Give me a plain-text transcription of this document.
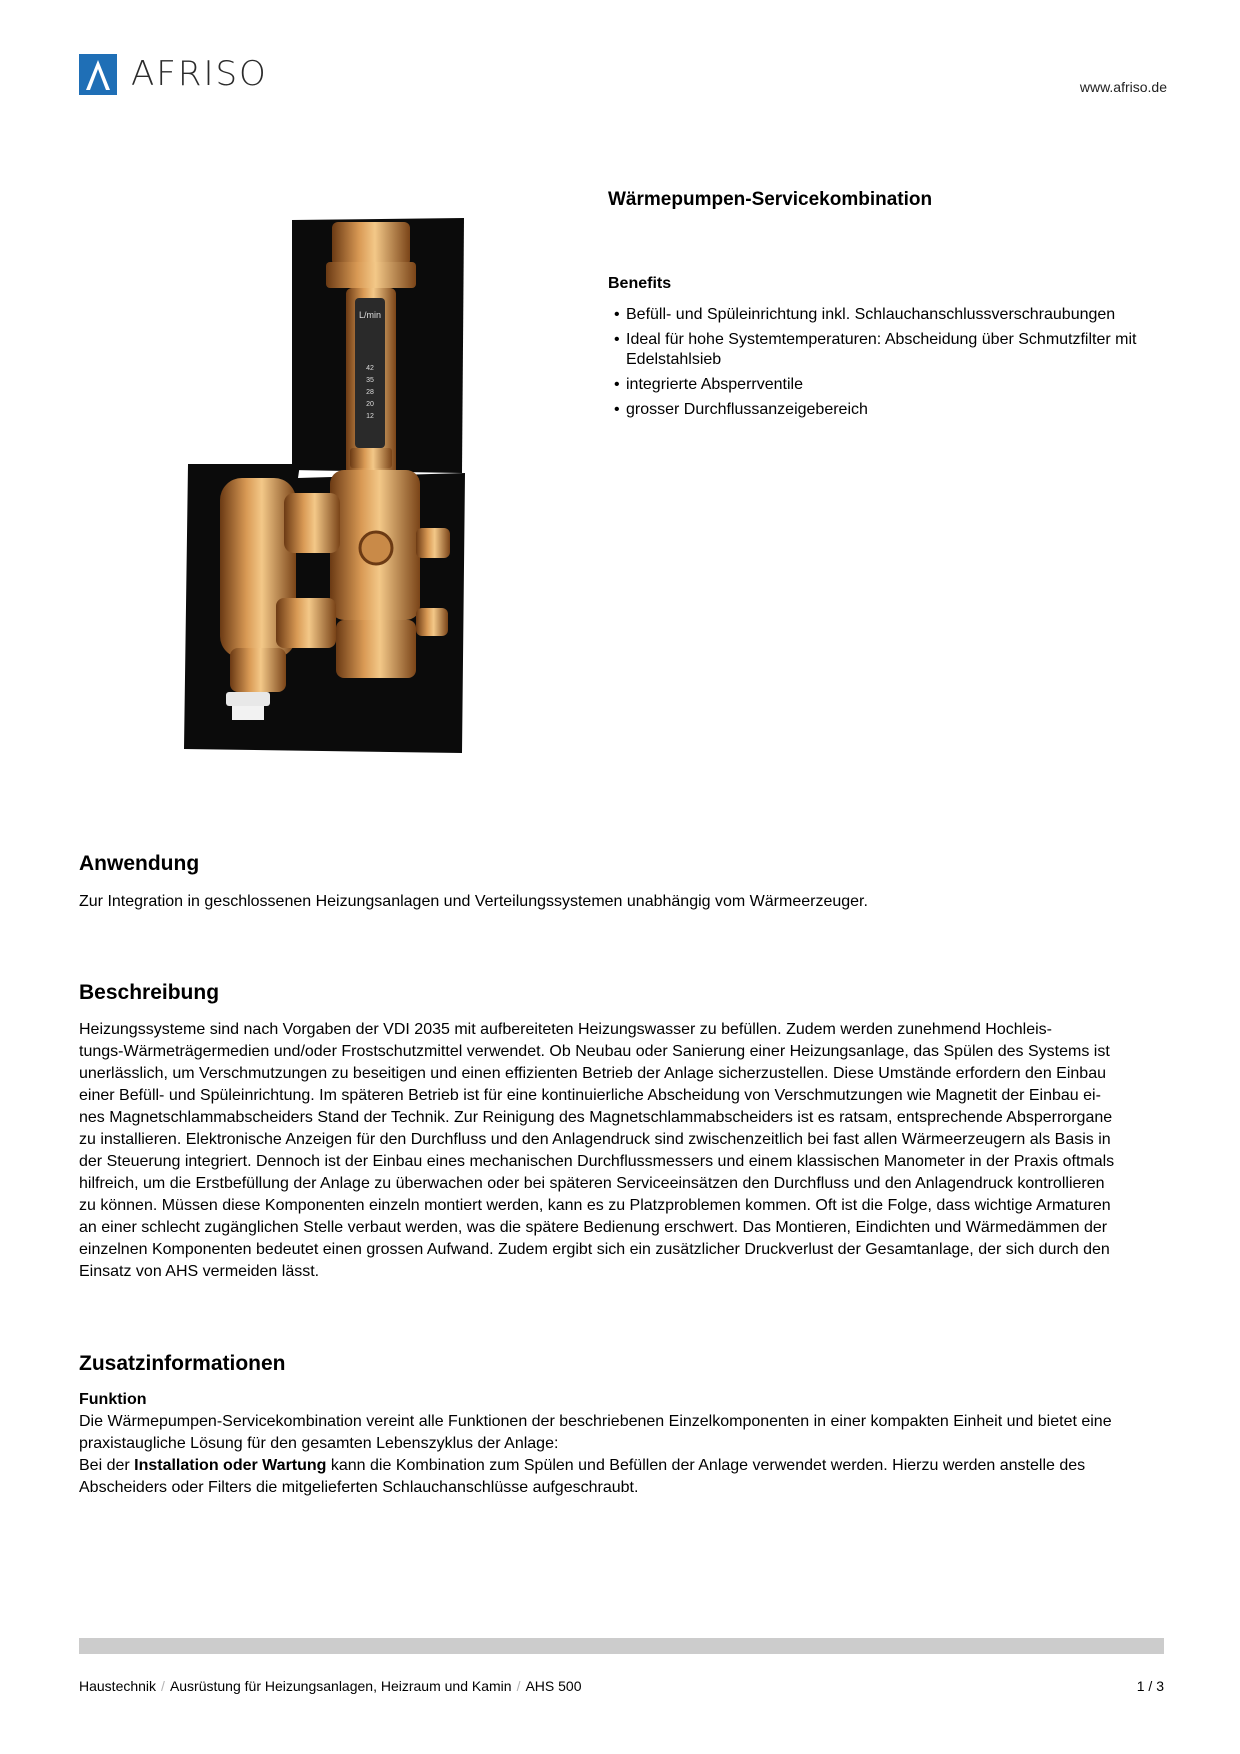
AFRISO	www.afriso.de
L/min
42
35
28
20
12
Wärmepumpen-Servicekombination
Benefits
• Befüll- und Spüleinrichtung inkl. Schlauchanschlussverschraubungen
• Ideal für hohe Systemtemperaturen: Abscheidung über Schmutzfilter mit Edelstahlsieb
• integrierte Absperrventile
• grosser Durchflussanzeigebereich
Anwendung

Zur Integration in geschlossenen Heizungsanlagen und Verteilungssystemen unabhängig vom Wärmeerzeuger.

Beschreibung
Heizungssysteme sind nach Vorgaben der VDI 2035 mit aufbereiteten Heizungswasser zu befüllen. Zudem werden zunehmend Hochleis-
tungs-Wärmeträgermedien und/oder Frostschutzmittel verwendet. Ob Neubau oder Sanierung einer Heizungsanlage, das Spülen des Systems ist
unerlässlich, um Verschmutzungen zu beseitigen und einen effizienten Betrieb der Anlage sicherzustellen. Diese Umstände erfordern den Einbau
einer Befüll- und Spüleinrichtung. Im späteren Betrieb ist für eine kontinuierliche Abscheidung von Verschmutzungen wie Magnetit der Einbau ei-
nes Magnetschlammabscheiders Stand der Technik. Zur Reinigung des Magnetschlammabscheiders ist es ratsam, entsprechende Absperrorgane
zu installieren. Elektronische Anzeigen für den Durchfluss und den Anlagendruck sind zwischenzeitlich bei fast allen Wärmeerzeugern als Basis in
der Steuerung integriert. Dennoch ist der Einbau eines mechanischen Durchflussmessers und einem klassischen Manometer in der Praxis oftmals
hilfreich, um die Erstbefüllung der Anlage zu überwachen oder bei späteren Serviceeinsätzen den Durchfluss und den Anlagendruck kontrollieren
zu können. Müssen diese Komponenten einzeln montiert werden, kann es zu Platzproblemen kommen. Oft ist die Folge, dass wichtige Armaturen
an einer schlecht zugänglichen Stelle verbaut werden, was die spätere Bedienung erschwert. Das Montieren, Eindichten und Wärmedämmen der
einzelnen Komponenten bedeutet einen grossen Aufwand. Zudem ergibt sich ein zusätzlicher Druckverlust der Gesamtanlage, der sich durch den
Einsatz von AHS vermeiden lässt.
Zusatzinformationen
Funktion
Die Wärmepumpen-Servicekombination vereint alle Funktionen der beschriebenen Einzelkomponenten in einer kompakten Einheit und bietet eine
praxistaugliche Lösung für den gesamten Lebenszyklus der Anlage:
Bei der Installation oder Wartung kann die Kombination zum Spülen und Befüllen der Anlage verwendet werden. Hierzu werden anstelle des
Abscheiders oder Filters die mitgelieferten Schlauchanschlüsse aufgeschraubt.
Haustechnik / Ausrüstung für Heizungsanlagen, Heizraum und Kamin / AHS 500	1 / 3
